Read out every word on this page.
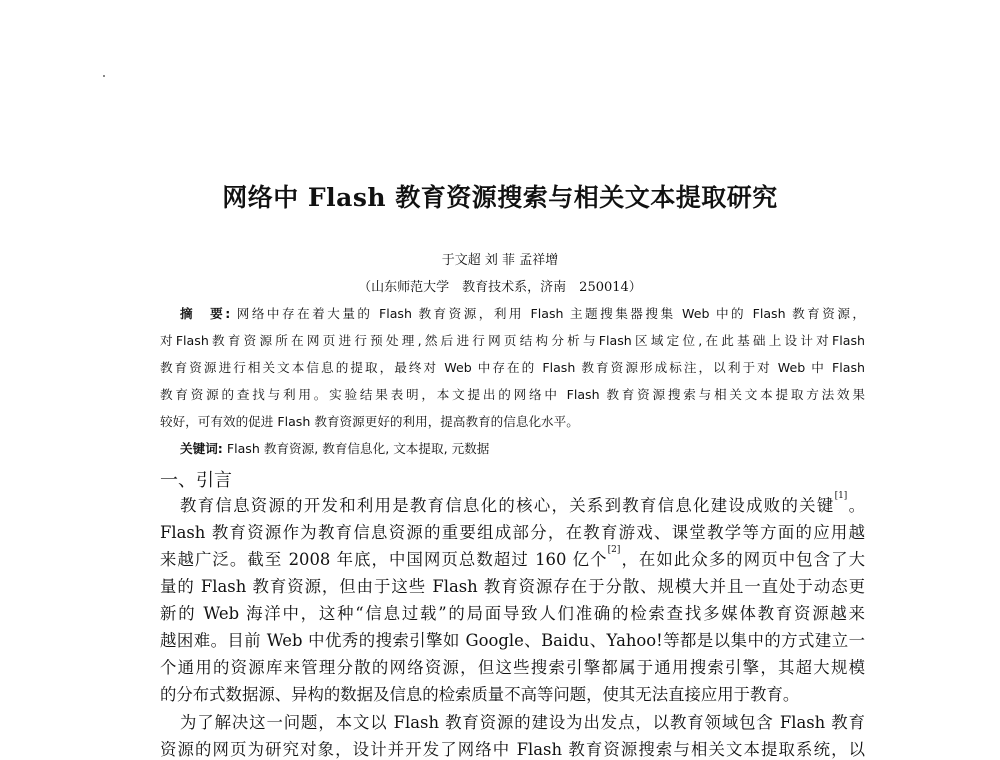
网络中 Flash 教育资源搜索与相关文本提取研究
于文超 刘 菲 孟祥增
（山东师范大学　教育技术系，济南　250014）
摘　要: 网络中存在着大量的 Flash 教育资源，利用 Flash 主题搜集器搜集 Web 中的 Flash 教育资源，
对Flash教育资源所在网页进行预处理,然后进行网页结构分析与Flash区域定位,在此基础上设计对Flash
教育资源进行相关文本信息的提取，最终对 Web 中存在的 Flash 教育资源形成标注，以利于对 Web 中 Flash
教育资源的查找与利用。实验结果表明，本文提出的网络中 Flash 教育资源搜索与相关文本提取方法效果
较好，可有效的促进 Flash 教育资源更好的利用，提高教育的信息化水平。
关键词: Flash 教育资源, 教育信息化, 文本提取, 元数据
一、引言
教育信息资源的开发和利用是教育信息化的核心，关系到教育信息化建设成败的关键[1]。
Flash 教育资源作为教育信息资源的重要组成部分，在教育游戏、课堂教学等方面的应用越
来越广泛。截至 2008 年底，中国网页总数超过 160 亿个[2]，在如此众多的网页中包含了大
量的 Flash 教育资源，但由于这些 Flash 教育资源存在于分散、规模大并且一直处于动态更
新的 Web 海洋中，这种“信息过载”的局面导致人们准确的检索查找多媒体教育资源越来
越困难。目前 Web 中优秀的搜索引擎如 Google、Baidu、Yahoo!等都是以集中的方式建立一
个通用的资源库来管理分散的网络资源，但这些搜索引擎都属于通用搜索引擎，其超大规模
的分布式数据源、异构的数据及信息的检索质量不高等问题，使其无法直接应用于教育。
为了解决这一问题，本文以 Flash 教育资源的建设为出发点，以教育领域包含 Flash 教育
资源的网页为研究对象，设计并开发了网络中 Flash 教育资源搜索与相关文本提取系统，以
